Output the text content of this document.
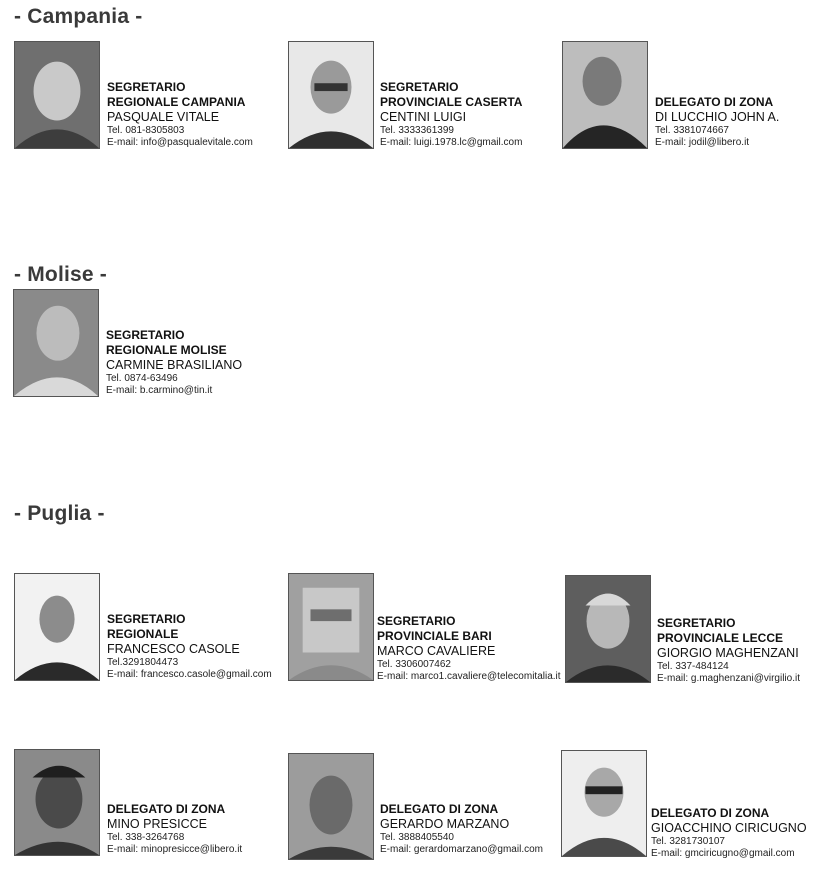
- Campania -
- Molise -
- Puglia -
SEGRETARIO
REGIONALE CAMPANIA
PASQUALE VITALE
Tel. 081-8305803
E-mail: info@pasqualevitale.com
SEGRETARIO
PROVINCIALE CASERTA
CENTINI LUIGI
Tel. 3333361399
E-mail: luigi.1978.lc@gmail.com
DELEGATO DI ZONA
DI LUCCHIO JOHN A.
Tel. 3381074667
E-mail: jodil@libero.it
SEGRETARIO
REGIONALE MOLISE
CARMINE BRASILIANO
Tel. 0874-63496
E-mail: b.carmino@tin.it
SEGRETARIO
REGIONALE
FRANCESCO CASOLE
Tel.3291804473
E-mail: francesco.casole@gmail.com
SEGRETARIO
PROVINCIALE BARI
MARCO CAVALIERE
Tel. 3306007462
E-mail: marco1.cavaliere@telecomitalia.it
SEGRETARIO
PROVINCIALE LECCE
GIORGIO MAGHENZANI
Tel. 337-484124
E-mail: g.maghenzani@virgilio.it
DELEGATO DI ZONA
MINO PRESICCE
Tel. 338-3264768
E-mail: minopresicce@libero.it
DELEGATO DI ZONA
GERARDO MARZANO
Tel. 3888405540
E-mail: gerardomarzano@gmail.com
DELEGATO DI ZONA
GIOACCHINO CIRICUGNO
Tel. 3281730107
E-mail: gmciricugno@gmail.com
